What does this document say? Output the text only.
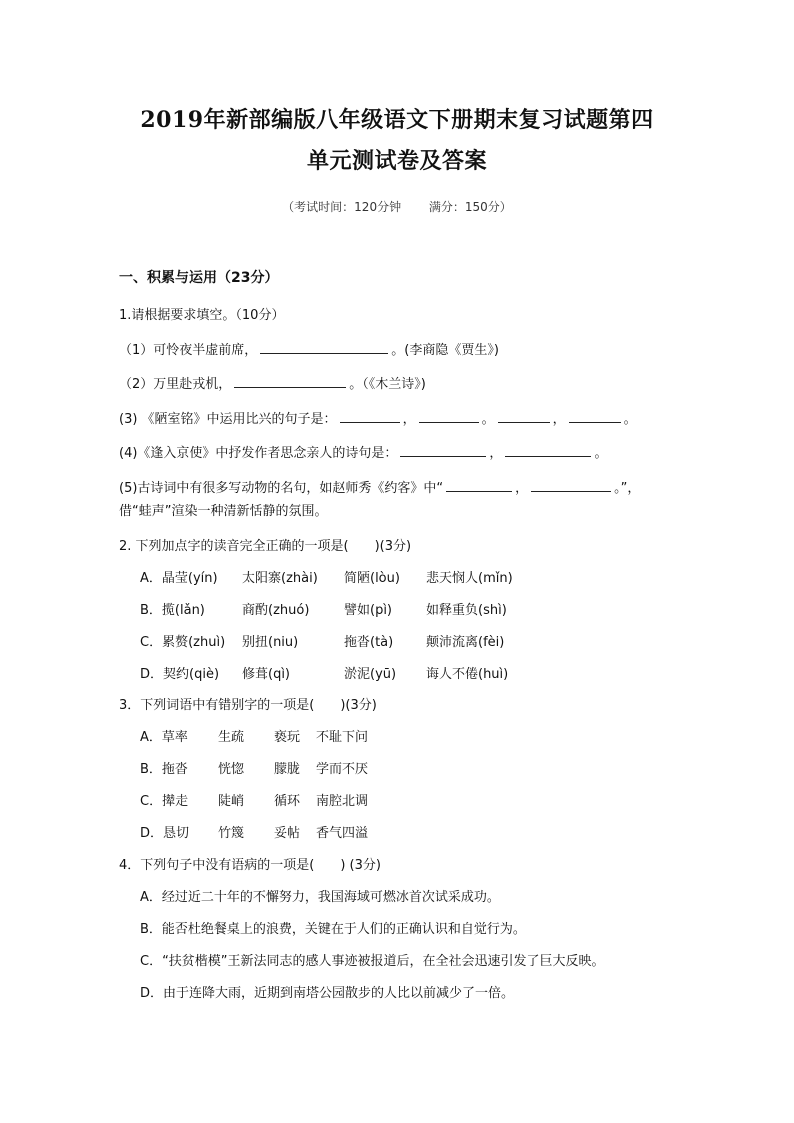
2019年新部编版八年级语文下册期末复习试题第四
单元测试卷及答案
（考试时间：120分钟 满分：150分）
一、积累与运用（23分）
1.请根据要求填空。（10分）
（1）可怜夜半虚前席，	。(李商隐《贾生》)
（2）万里赴戎机，	。（《木兰诗》)
(3) 《陋室铭》中运用比兴的句子是：	，	。	，	。
(4)《逢入京使》中抒发作者思念亲人的诗句是：	，	。
(5)古诗词中有很多写动物的名句，如赵师秀《约客》中“	，	。”，
借“蛙声”渲染一种清新恬静的氛围。
2. 下列加点字的读音完全正确的一项是(　　)(3分)
A．晶莹(yín) 太阳寨(zhài) 简陋(lòu) 悲天悯人(mǐn)
B．揽(lǎn)	商酌(zhuó)	譬如(pì)	如释重负(shì)
C．累赘(zhuì) 别扭(niu)	拖沓(tà)	颠沛流离(fèi)
D．契约(qiè) 修葺(qì)	淤泥(yū) 诲人不倦(huì)
3．下列词语中有错别字的一项是(　　)(3分)
A．草率 生疏 亵玩 不耻下问
B．拖沓 恍惚 朦胧 学而不厌
C．撵走 陡峭 循环 南腔北调
D．恳切 竹篾 妥帖 香气四溢
4．下列句子中没有语病的一项是(　　) (3分)
A．经过近二十年的不懈努力，我国海域可燃冰首次试采成功。
B．能否杜绝餐桌上的浪费，关键在于人们的正确认识和自觉行为。
C．“扶贫楷模”王新法同志的感人事迹被报道后，在全社会迅速引发了巨大反映。
D．由于连降大雨，近期到南塔公园散步的人比以前减少了一倍。
